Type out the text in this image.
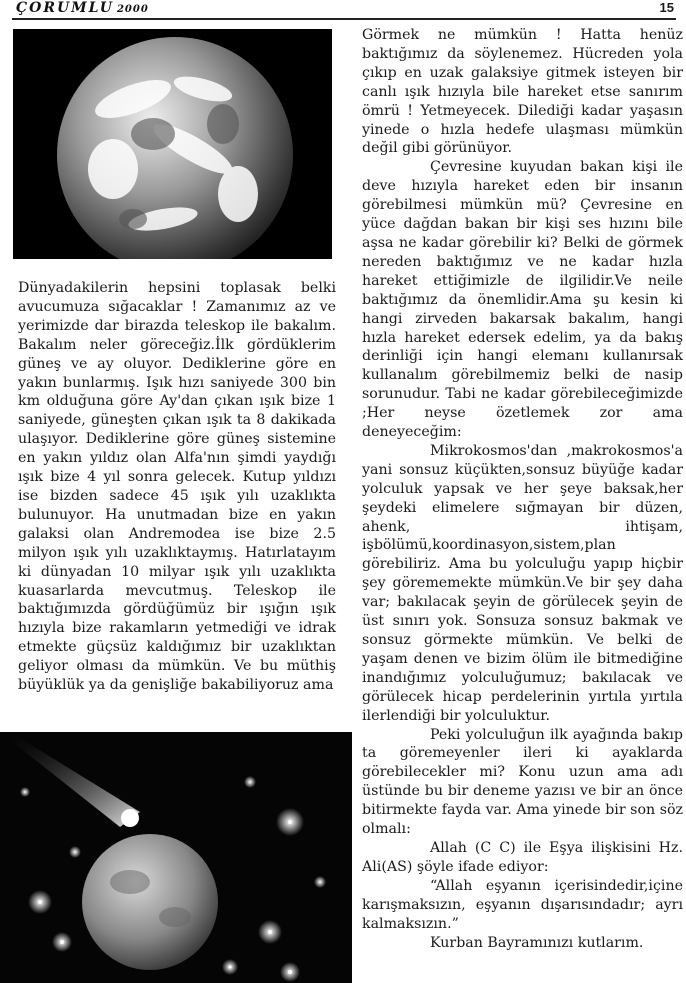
ÇORUMLU 2000	15

Dünyadakilerin hepsini toplasak belki avucumuza sığacaklar ! Zamanımız az ve yerimizde dar birazda teleskop ile bakalım. Bakalım neler göreceğiz.İlk gördüklerim güneş ve ay oluyor. Dediklerine göre en yakın bunlarmış. Işık hızı saniyede 300 bin km olduğuna göre Ay'dan çıkan ışık bize 1 saniyede, güneşten çıkan ışık ta 8 dakikada ulaşıyor. Dediklerine göre güneş sistemine en yakın yıldız olan Alfa'nın şimdi yaydığı ışık bize 4 yıl sonra gelecek. Kutup yıldızı ise bizden sadece 45 ışık yılı uzaklıkta bulunuyor. Ha unutmadan bize en yakın galaksi olan Andremodea ise bize 2.5 milyon ışık yılı uzaklıktaymış. Hatırlatayım ki dünyadan 10 milyar ışık yılı uzaklıkta kuasarlarda mevcutmuş. Teleskop ile baktığımızda gördüğümüz bir ışığın ışık hızıyla bize rakamların yetmediği ve idrak etmekte güçsüz kaldığımız bir uzaklıktan geliyor olması da mümkün. Ve bu müthiş büyüklük ya da genişliğe bakabiliyoruz ama

Görmek ne mümkün ! Hatta henüz baktığımız da söylenemez. Hücreden yola çıkıp en uzak galaksiye gitmek isteyen bir canlı ışık hızıyla bile hareket etse sanırım ömrü ! Yetmeyecek. Dilediği kadar yaşasın yinede o hızla hedefe ulaşması mümkün değil gibi görünüyor.

Çevresine kuyudan bakan kişi ile deve hızıyla hareket eden bir insanın görebilmesi mümkün mü? Çevresine en yüce dağdan bakan bir kişi ses hızını bile aşsa ne kadar görebilir ki? Belki de görmek nereden baktığımız ve ne kadar hızla hareket ettiğimizle de ilgilidir.Ve neile baktığımız da önemlidir.Ama şu kesin ki hangi zirveden bakarsak bakalım, hangi hızla hareket edersek edelim, ya da bakış derinliği için hangi elemanı kullanırsak kullanalım görebilmemiz belki de nasip sorunudur. Tabi ne kadar görebileceğimizde ;Her neyse özetlemek zor ama deneyeceğim:

Mikrokosmos'dan ,makrokosmos'a yani sonsuz küçükten,sonsuz büyüğe kadar yolculuk yapsak ve her şeye baksak,her şeydeki elimelere sığmayan bir düzen, ahenk, ihtişam, işbölümü,koordinasyon,sistem,plan görebiliriz. Ama bu yolculuğu yapıp hiçbir şey görememekte mümkün.Ve bir şey daha var; bakılacak şeyin de görülecek şeyin de üst sınırı yok. Sonsuza sonsuz bakmak ve sonsuz görmekte mümkün. Ve belki de yaşam denen ve bizim ölüm ile bitmediğine inandığımız yolculuğumuz; bakılacak ve görülecek hicap perdelerinin yırtıla yırtıla ilerlendiği bir yolculuktur.

Peki yolculuğun ilk ayağında bakıp ta göremeyenler ileri ki ayaklarda görebilecekler mi? Konu uzun ama adı üstünde bu bir deneme yazısı ve bir an önce bitirmekte fayda var. Ama yinede bir son söz olmalı:

Allah (C C) ile Eşya ilişkisini Hz. Ali(AS) şöyle ifade ediyor:

“Allah eşyanın içerisindedir,içine karışmaksızın, eşyanın dışarısındadır; ayrı kalmaksızın.”

Kurban Bayramınızı kutlarım.
